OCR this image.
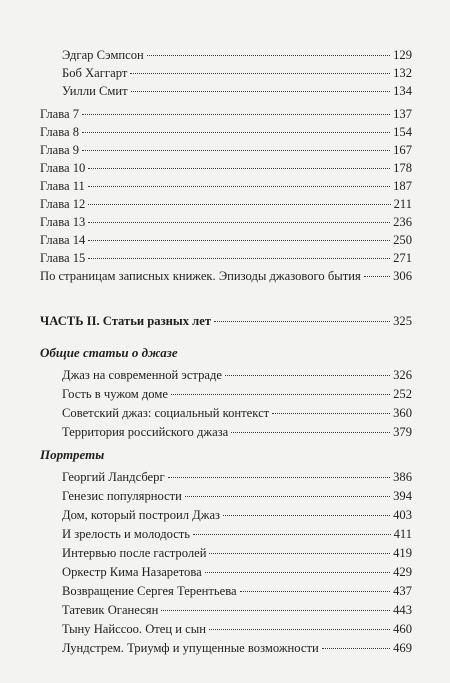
Эдгар Сэмпсон	129
Боб Хаггарт	132
Уилли Смит	134
Глава 7	137
Глава 8	154
Глава 9	167
Глава 10	178
Глава 11	187
Глава 12	211
Глава 13	236
Глава 14	250
Глава 15	271
По страницам записных книжек. Эпизоды джазового бытия	306
ЧАСТЬ II. Статьи разных лет	325
Общие статьи о джазе
Джаз на современной эстраде	326
Гость в чужом доме	252
Советский джаз: социальный контекст	360
Территория российского джаза	379
Портреты
Георгий Ландсберг	386
Генезис популярности	394
Дом, который построил Джаз	403
И зрелость и молодость	411
Интервью после гастролей	419
Оркестр Кима Назаретова	429
Возвращение Сергея Терентьева	437
Татевик Оганесян	443
Тыну Найссоо. Отец и сын	460
Лундстрем. Триумф и упущенные возможности	469
